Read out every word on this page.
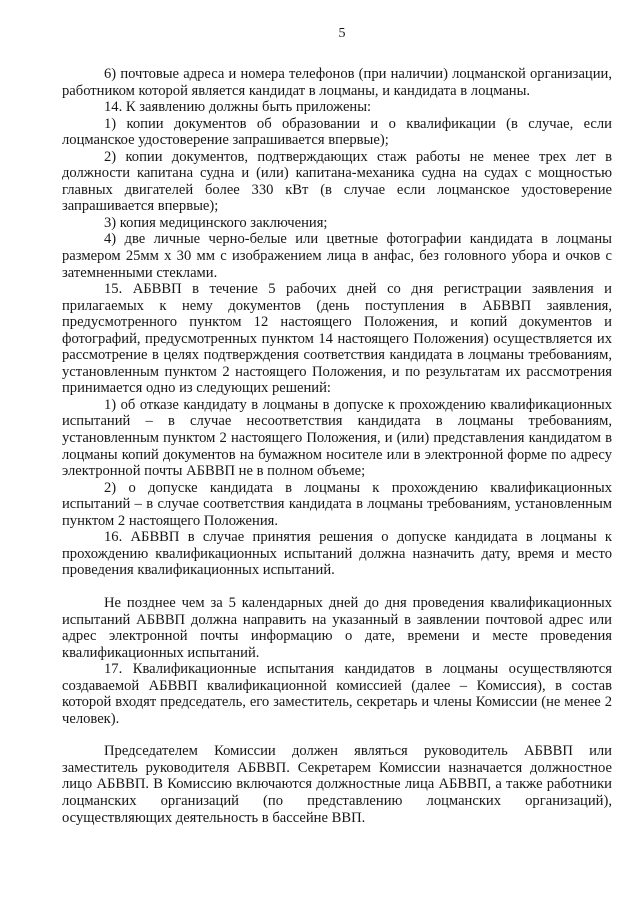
5

6) почтовые адреса и номера телефонов (при наличии) лоцманской организации, работником которой является кандидат в лоцманы, и кандидата в лоцманы.

14. К заявлению должны быть приложены:

1) копии документов об образовании и о квалификации (в случае, если лоцманское удостоверение запрашивается впервые);

2) копии документов, подтверждающих стаж работы не менее трех лет в должности капитана судна и (или) капитана-механика судна на судах с мощностью главных двигателей более 330 кВт (в случае если лоцманское удостоверение запрашивается впервые);

3) копия медицинского заключения;

4) две личные черно-белые или цветные фотографии кандидата в лоцманы размером 25мм х 30 мм с изображением лица в анфас, без головного убора и очков с затемненными стеклами.

15. АБВВП в течение 5 рабочих дней со дня регистрации заявления и прилагаемых к нему документов (день поступления в АБВВП заявления, предусмотренного пунктом 12 настоящего Положения, и копий документов и фотографий, предусмотренных пунктом 14 настоящего Положения) осуществляется их рассмотрение в целях подтверждения соответствия кандидата в лоцманы требованиям, установленным пунктом 2 настоящего Положения, и по результатам их рассмотрения принимается одно из следующих решений:

1) об отказе кандидату в лоцманы в допуске к прохождению квалификационных испытаний – в случае несоответствия кандидата в лоцманы требованиям, установленным пунктом 2 настоящего Положения, и (или) представления кандидатом в лоцманы копий документов на бумажном носителе или в электронной форме по адресу электронной почты АБВВП не в полном объеме;

2) о допуске кандидата в лоцманы к прохождению квалификационных испытаний – в случае соответствия кандидата в лоцманы требованиям, установленным пунктом 2 настоящего Положения.

16. АБВВП в случае принятия решения о допуске кандидата в лоцманы к прохождению квалификационных испытаний должна назначить дату, время и место проведения квалификационных испытаний.

Не позднее чем за 5 календарных дней до дня проведения квалификационных испытаний АБВВП должна направить на указанный в заявлении почтовой адрес или адрес электронной почты информацию о дате, времени и месте проведения квалификационных испытаний.

17. Квалификационные испытания кандидатов в лоцманы осуществляются создаваемой АБВВП квалификационной комиссией (далее – Комиссия), в состав которой входят председатель, его заместитель, секретарь и члены Комиссии (не менее 2 человек).

Председателем Комиссии должен являться руководитель АБВВП или заместитель руководителя АБВВП. Секретарем Комиссии назначается должностное лицо АБВВП. В Комиссию включаются должностные лица АБВВП, а также работники лоцманских организаций (по представлению лоцманских организаций), осуществляющих деятельность в бассейне ВВП.
